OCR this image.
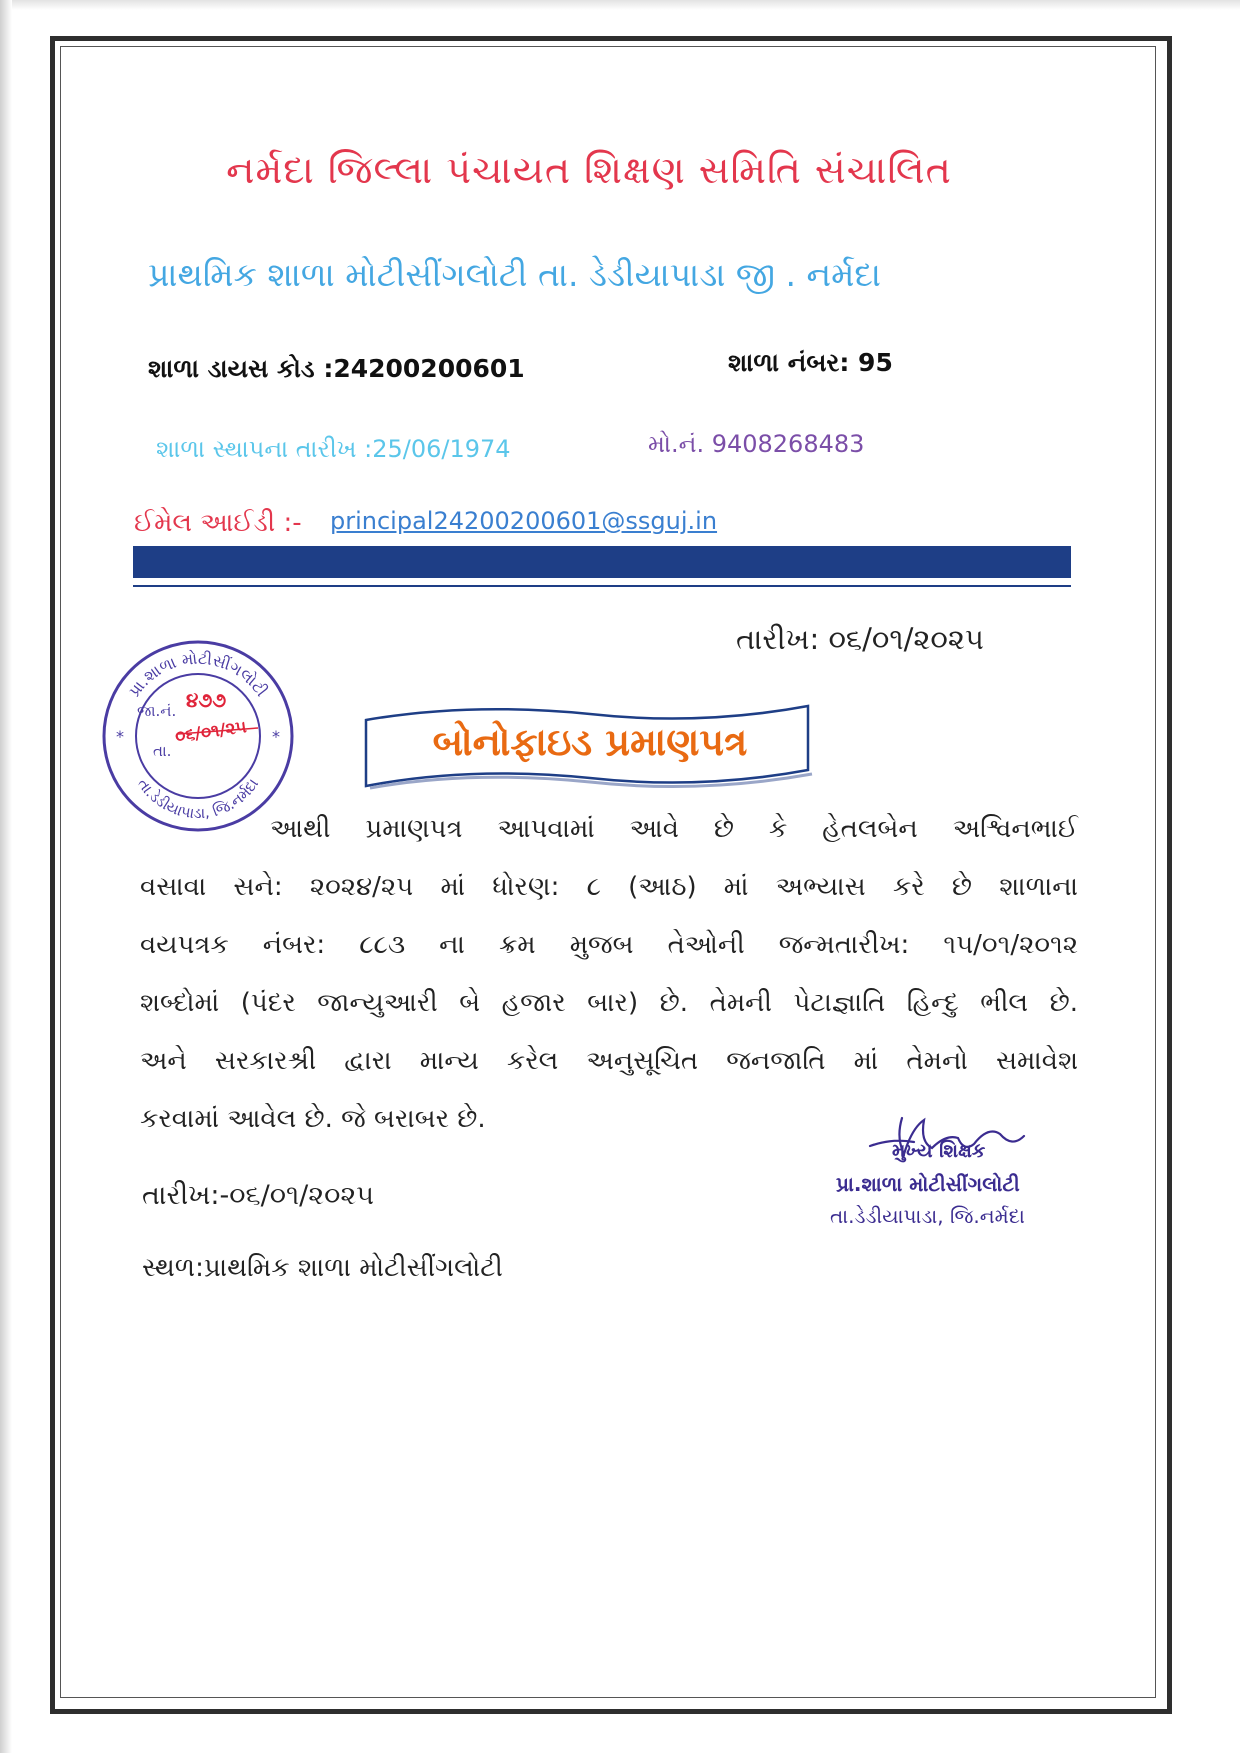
નર્મદા જિલ્લા પંચાયત શિક્ષણ સમિતિ સંચાલિત
પ્રાથમિક શાળા મોટીસીંગલોટી તા. ડેડીયાપાડા જી . નર્મદા
શાળા ડાયસ કોડ :24200200601	શાળા નંબર: 95
શાળા સ્થાપના તારીખ :25/06/1974	મો.નં. 9408268483
ઈમેલ આઈડી :- principal24200200601@ssguj.in
તારીખ: ૦૬/૦૧/૨૦૨૫
પ્રા.શાળા મોટીસીંગલોટી
તા.ડેડીયાપાડા, જિ.નર્મદા
*	*
જા.નં. ૪૭૭
તા.
૦૬/૦૧/૨૫	બોનોફાઇડ પ્રમાણપત્ર

આથી પ્રમાણપત્ર આપવામાં આવે છે કે હેતલબેન અશ્વિનભાઈ

વસાવા સને: ૨૦૨૪/૨૫ માં ધોરણ: ૮ (આઠ) માં અભ્યાસ કરે છે શાળાના

વયપત્રક નંબર: ૮૮૩ ના ક્રમ મુજબ તેઓની જન્મતારીખ: ૧૫/૦૧/૨૦૧૨

શબ્દોમાં (પંદર જાન્યુઆરી બે હજાર બાર) છે. તેમની પેટાજ્ઞાતિ હિન્દુ ભીલ છે.

અને સરકારશ્રી દ્વારા માન્ય કરેલ અનુસૂચિત જનજાતિ માં તેમનો સમાવેશ

કરવામાં આવેલ છે. જે બરાબર છે.

તારીખ:-૦૬/૦૧/૨૦૨૫
સ્થળ:પ્રાથમિક શાળા મોટીસીંગલોટી
મુખ્ય શિક્ષક
પ્રા.શાળા મોટીસીંગલોટી
તા.ડેડીયાપાડા, જિ.નર્મદા
